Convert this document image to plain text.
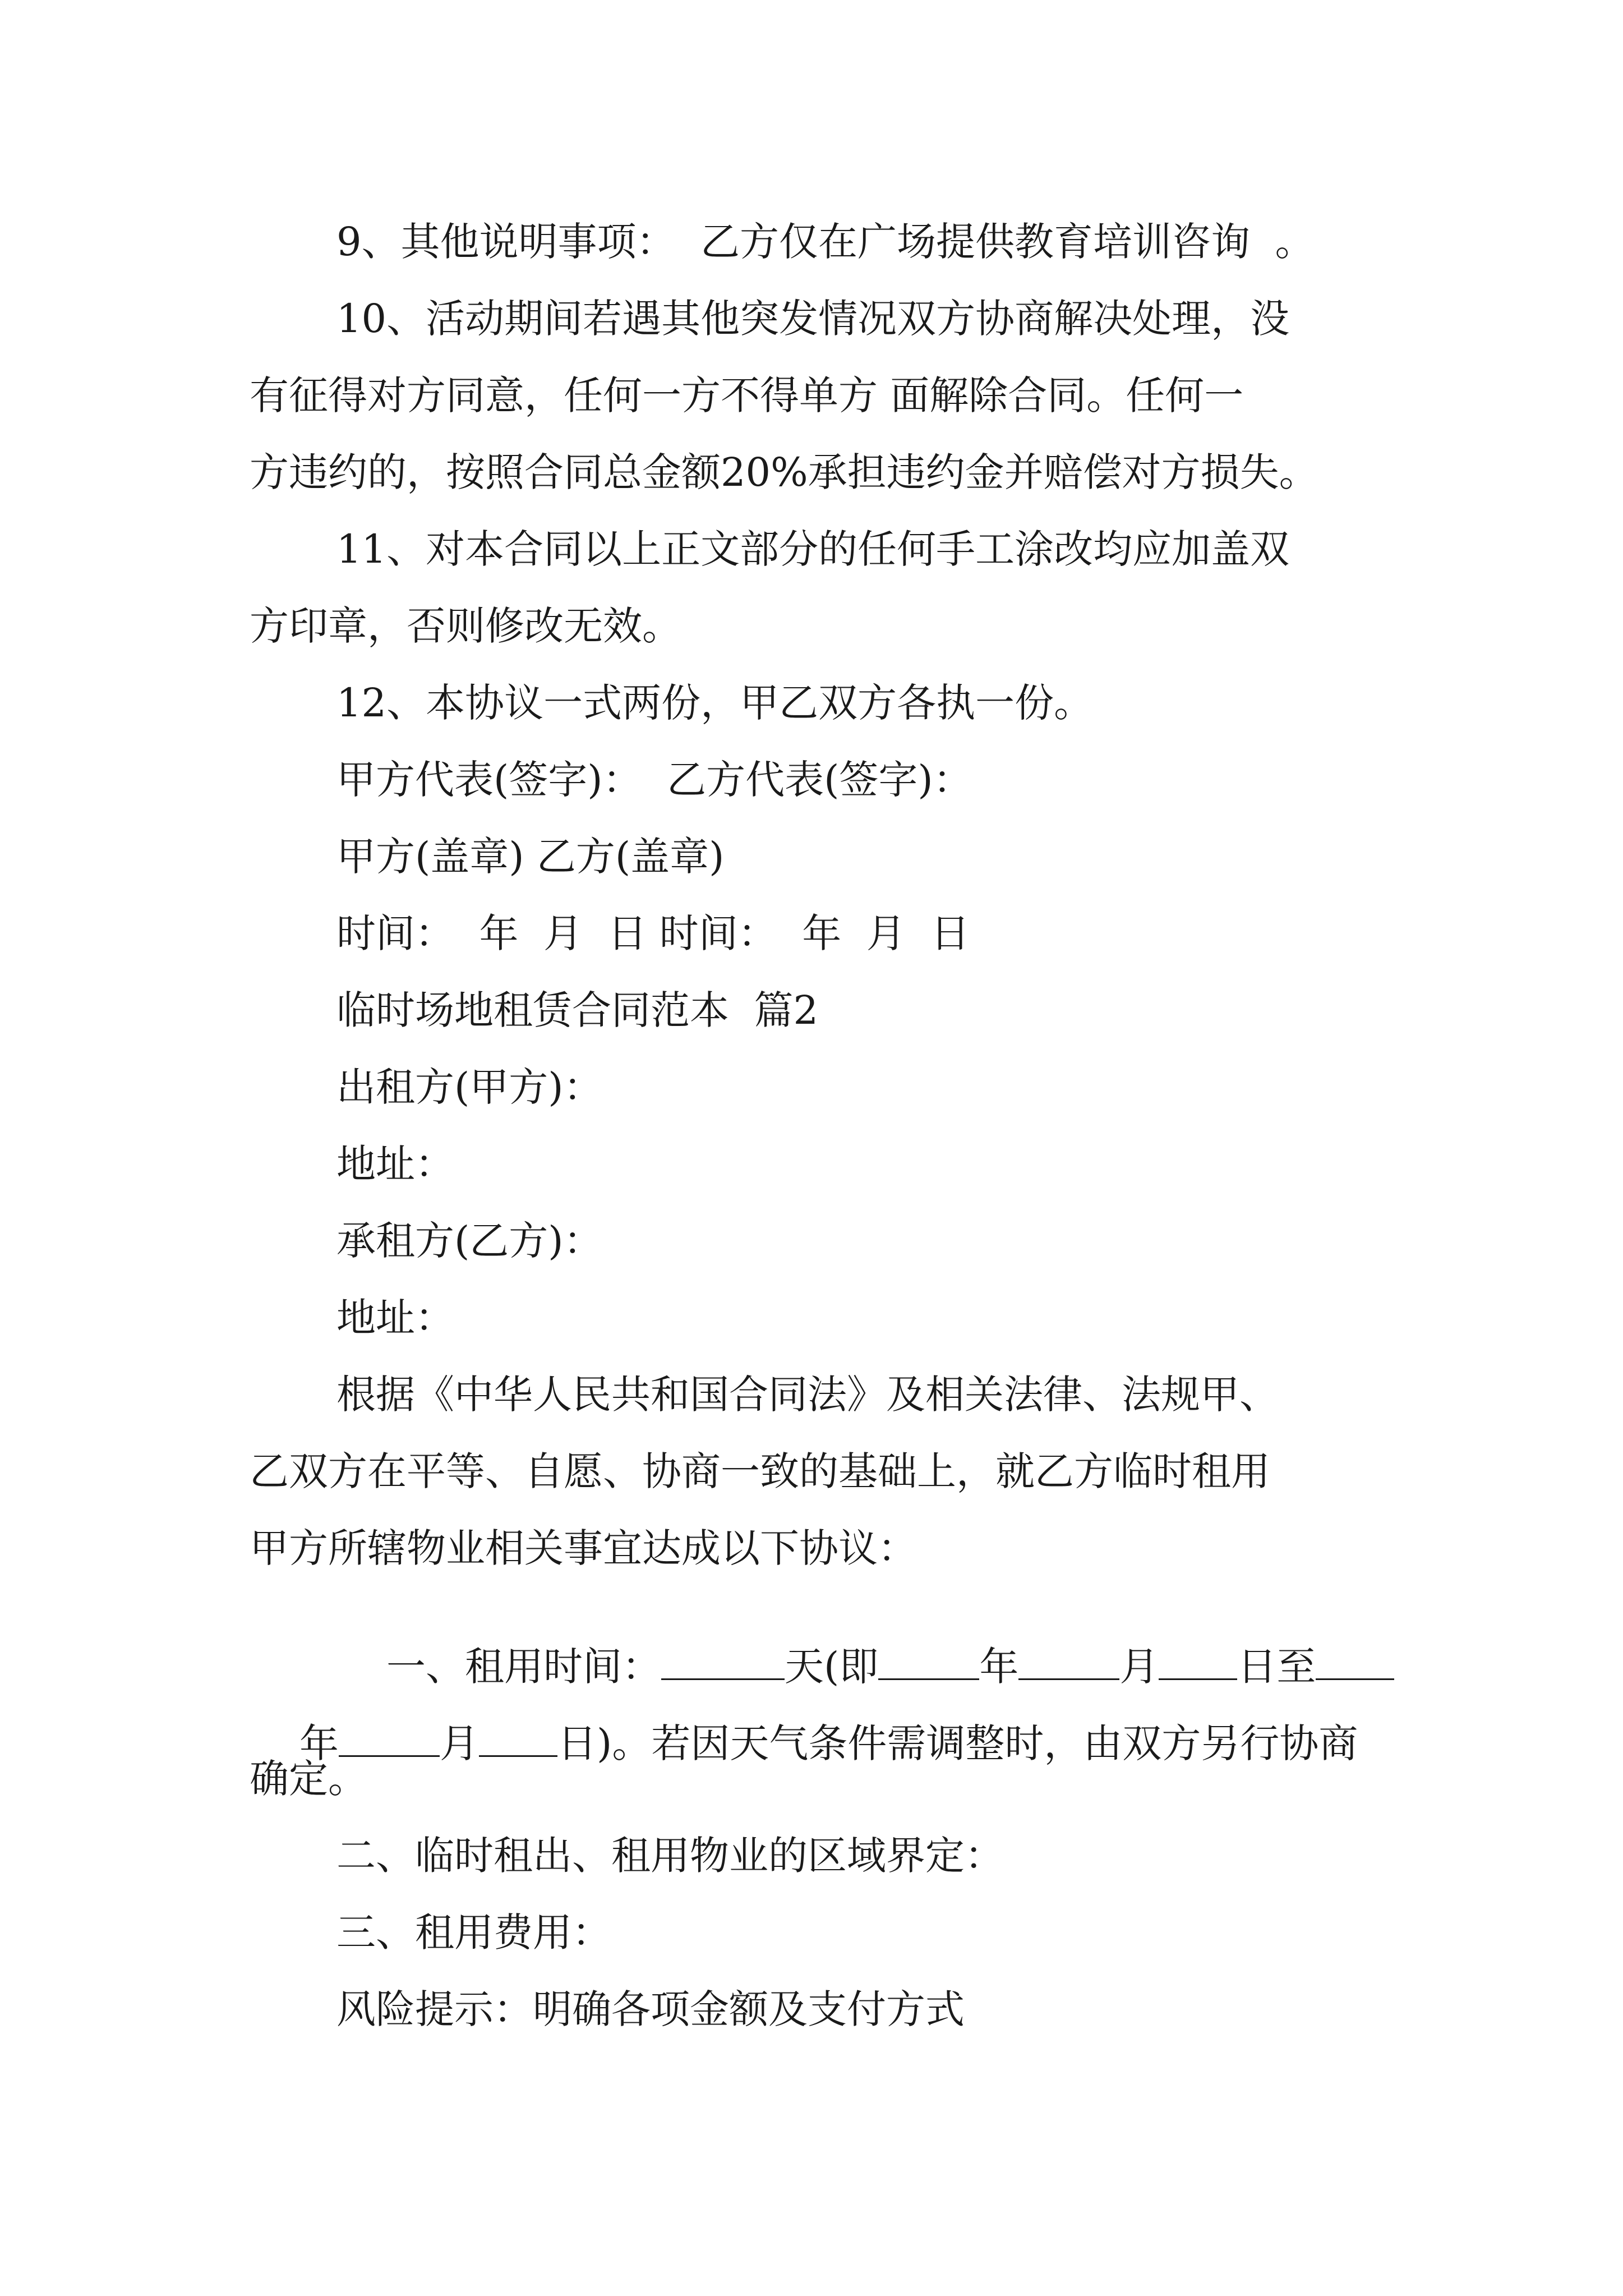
9、其他说明事项：  乙方仅在广场提供教育培训咨询  。

10、活动期间若遇其他突发情况双方协商解决处理，没

有征得对方同意，任何一方不得单方 面解除合同。任何一

方违约的，按照合同总金额20%承担违约金并赔偿对方损失。

11、对本合同以上正文部分的任何手工涂改均应加盖双

方印章，否则修改无效。

12、本协议一式两份，甲乙双方各执一份。

甲方代表(签字)：  乙方代表(签字)：

甲方(盖章) 乙方(盖章)

时间：  年  月  日 时间：  年  月  日

临时场地租赁合同范本  篇2

出租方(甲方)：

地址：

承租方(乙方)：

地址：

根据《中华人民共和国合同法》及相关法律、法规甲、

乙双方在平等、自愿、协商一致的基础上，就乙方临时租用

甲方所辖物业相关事宜达成以下协议：

一、租用时间：	天(即	年	月 日至

年	月 日)。若因天气条件需调整时，由双方另行协商

确定。

二、临时租出、租用物业的区域界定：

三、租用费用：

风险提示：明确各项金额及支付方式
